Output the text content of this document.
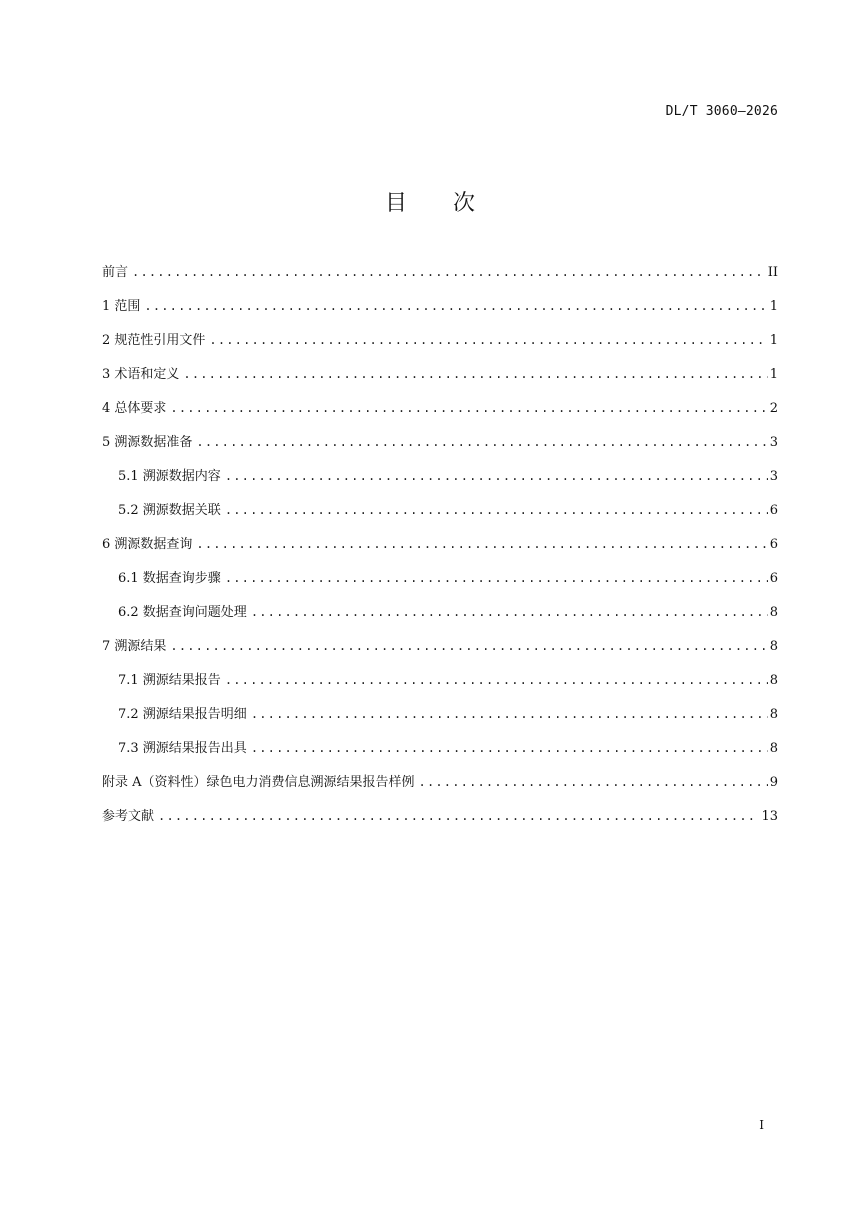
DL/T 3060—2026
目 次
前言 .....	II
1 范围 .....	1
2 规范性引用文件 .....	1
3 术语和定义 .....	1
4 总体要求 .....	2
5 溯源数据准备 .....	3
5.1 溯源数据内容 .....	3
5.2 溯源数据关联 .....	6
6 溯源数据查询 .....	6
6.1 数据查询步骤 .....	6
6.2 数据查询问题处理 .....	8
7 溯源结果 .....	8
7.1 溯源结果报告 .....	8
7.2 溯源结果报告明细 .....	8
7.3 溯源结果报告出具 .....	8
附录 A（资料性）绿色电力消费信息溯源结果报告样例 .....	9
参考文献 .....	13
I
